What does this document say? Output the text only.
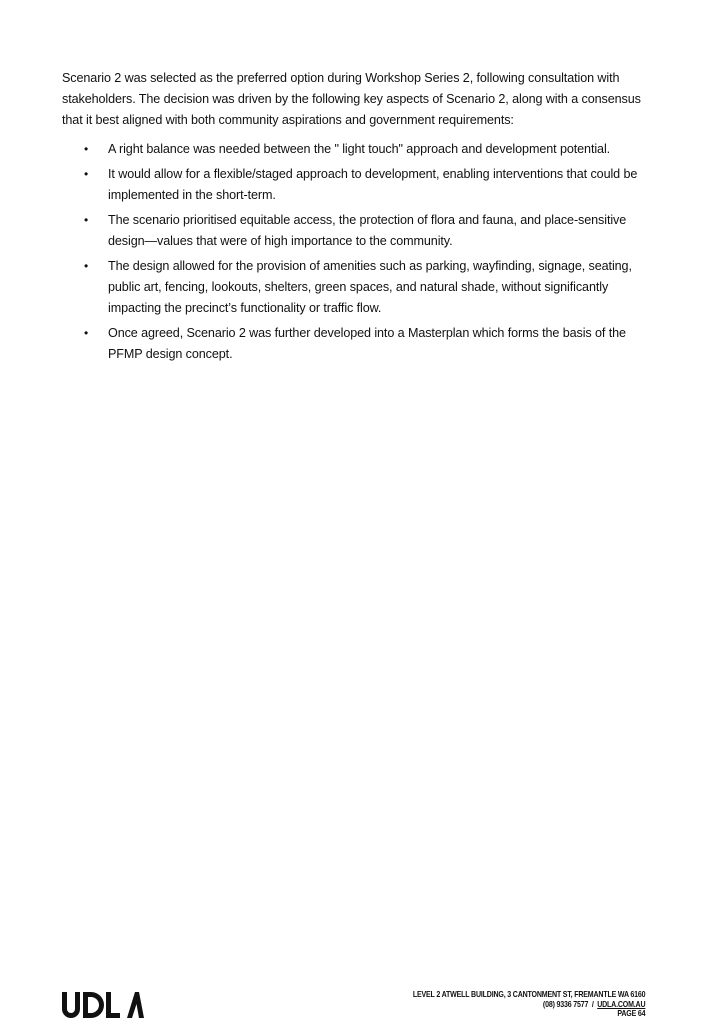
Scenario 2 was selected as the preferred option during Workshop Series 2, following consultation with stakeholders. The decision was driven by the following key aspects of Scenario 2, along with a consensus that it best aligned with both community aspirations and government requirements:

• A right balance was needed between the " light touch" approach and development potential.
• It would allow for a flexible/staged approach to development, enabling interventions that could be implemented in the short-term.
• The scenario prioritised equitable access, the protection of flora and fauna, and place-sensitive design—values that were of high importance to the community.
• The design allowed for the provision of amenities such as parking, wayfinding, signage, seating, public art, fencing, lookouts, shelters, green spaces, and natural shade, without significantly impacting the precinct’s functionality or traffic flow.
• Once agreed, Scenario 2 was further developed into a Masterplan which forms the basis of the PFMP design concept.
LEVEL 2 ATWELL BUILDING, 3 CANTONMENT ST, FREMANTLE WA 6160
(08) 9336 7577 / UDLA.COM.AU
PAGE 64
